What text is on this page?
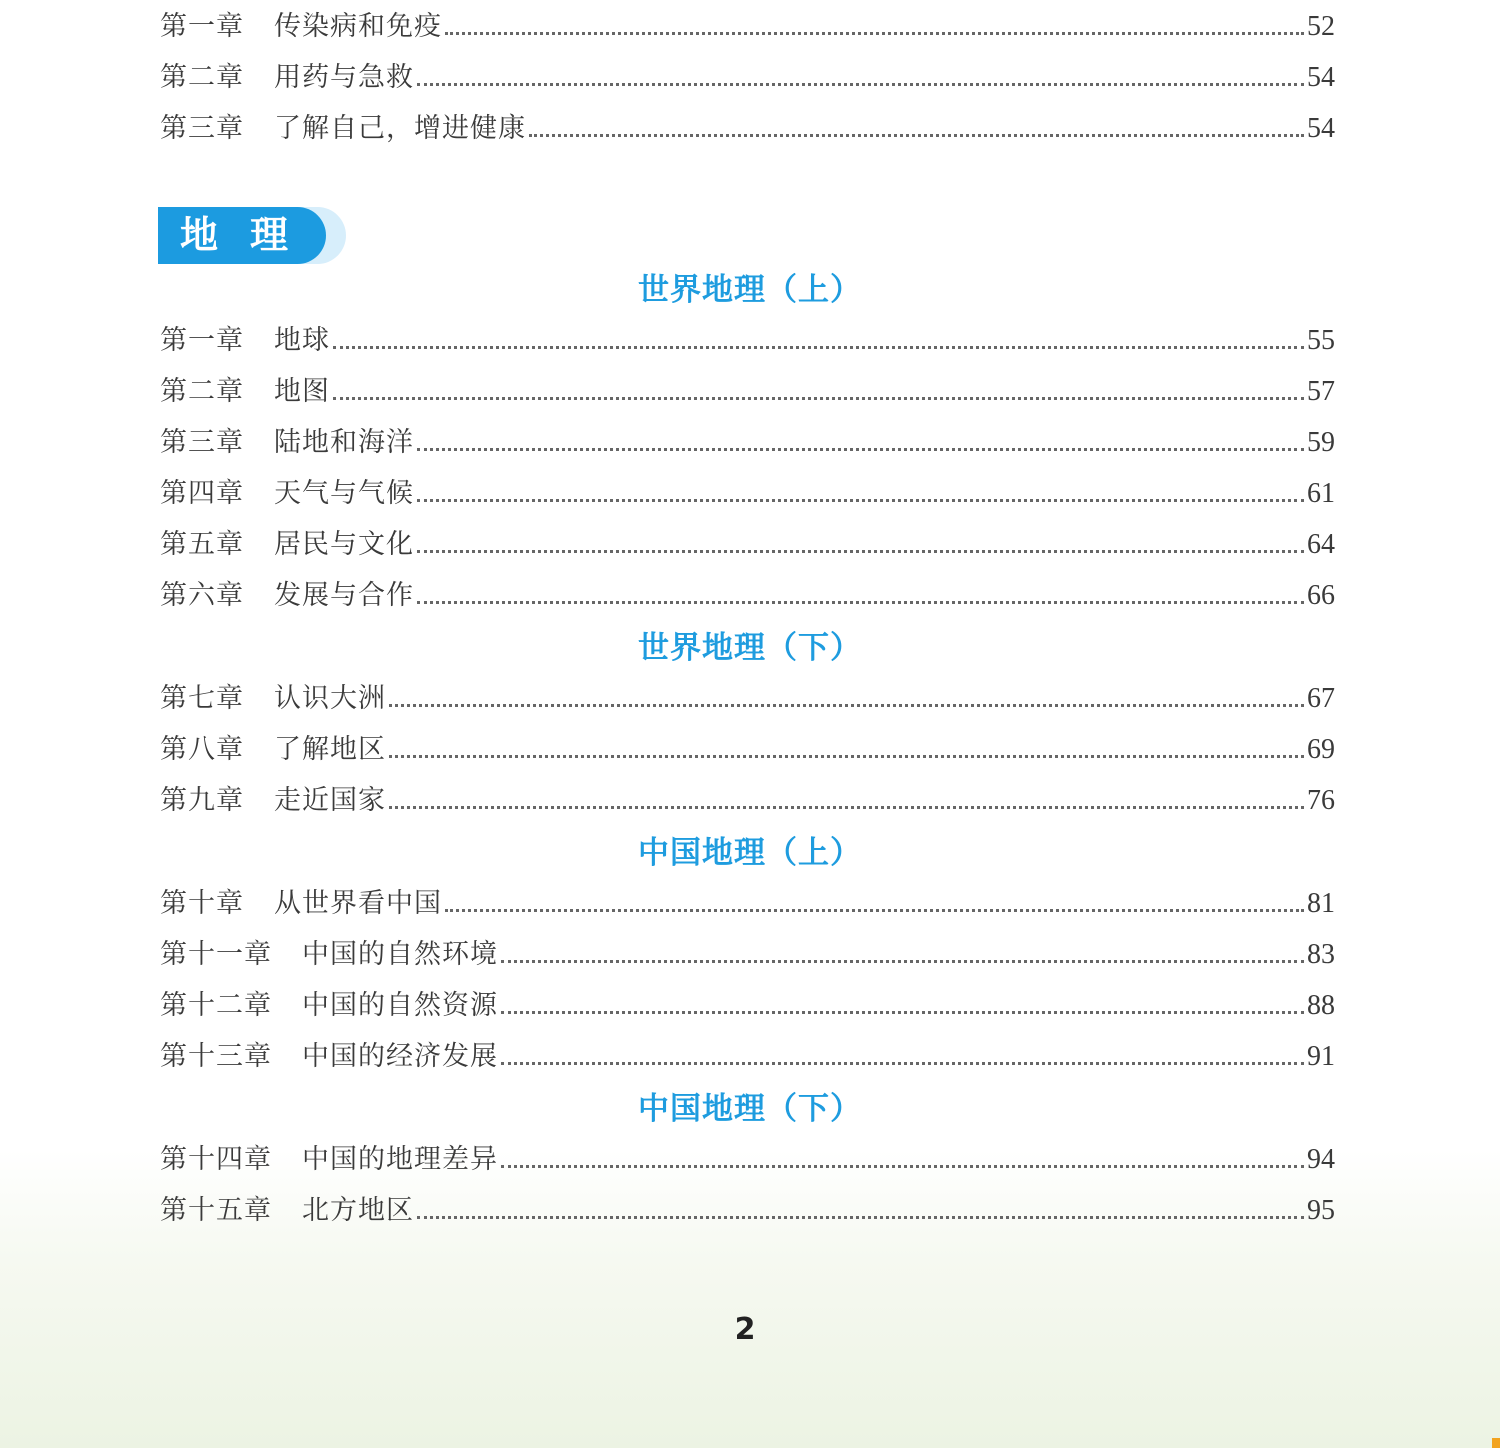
第一章 传染病和免疫	52
第二章 用药与急救	54
第三章 了解自己，增进健康	54
地理
世界地理（上）
第一章 地球	55
第二章 地图	57
第三章 陆地和海洋	59
第四章 天气与气候	61
第五章 居民与文化	64
第六章 发展与合作	66
世界地理（下）
第七章 认识大洲	67
第八章 了解地区	69
第九章 走近国家	76
中国地理（上）
第十章 从世界看中国	81
第十一章 中国的自然环境	83
第十二章 中国的自然资源	88
第十三章 中国的经济发展	91
中国地理（下）
第十四章 中国的地理差异	94
第十五章 北方地区	95
2
